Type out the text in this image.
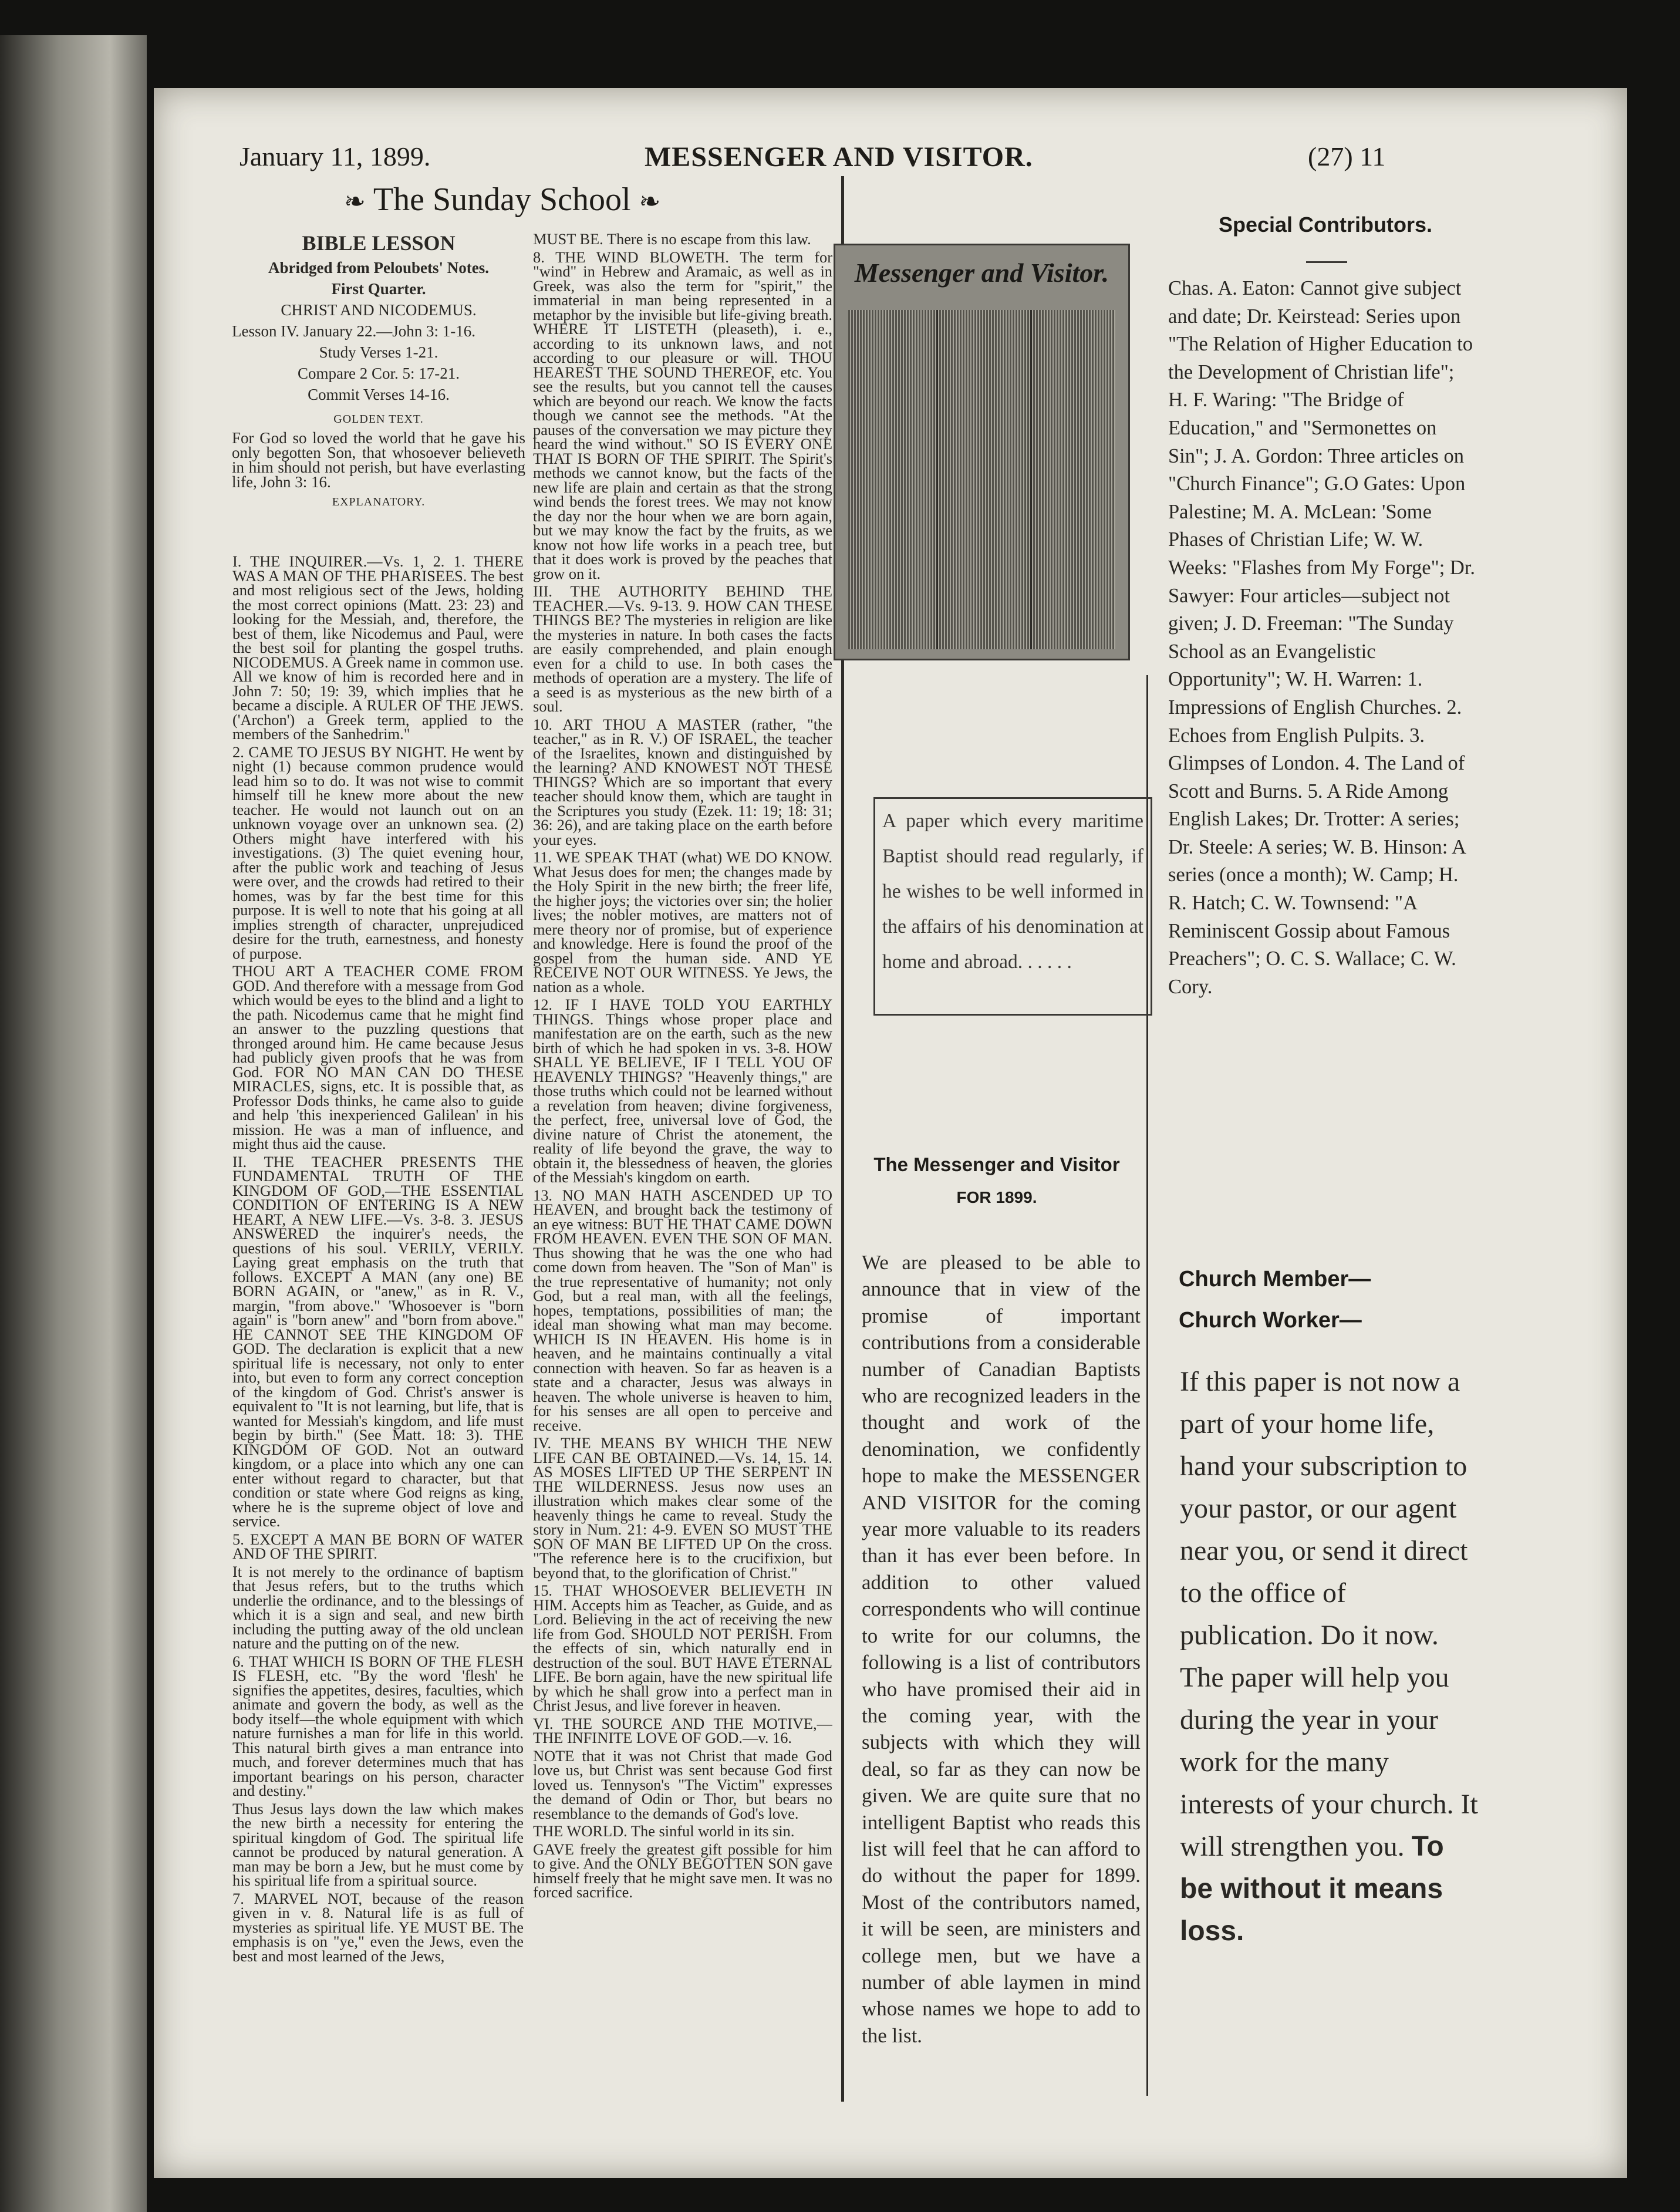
January 11, 1899.	MESSENGER AND VISITOR.	(27) 11
❧ The Sunday School ❧
BIBLE LESSON
Abridged from Peloubets' Notes.
First Quarter.
CHRIST AND NICODEMUS.
Lesson IV. January 22.—John 3: 1-16.
Study Verses 1-21.
Compare 2 Cor. 5: 17-21.
Commit Verses 14-16.
GOLDEN TEXT.
For God so loved the world that he gave his only begotten Son, that whosoever believeth in him should not perish, but have everlasting life, John 3: 16.
EXPLANATORY.

I. THE INQUIRER.—Vs. 1, 2. 1. THERE WAS A MAN OF THE PHARISEES. The best and most religious sect of the Jews, holding the most correct opinions (Matt. 23: 23) and looking for the Messiah, and, therefore, the best of them, like Nicodemus and Paul, were the best soil for planting the gospel truths. NICODEMUS. A Greek name in common use. All we know of him is recorded here and in John 7: 50; 19: 39, which implies that he became a disciple. A RULER OF THE JEWS. ('Archon') a Greek term, applied to the members of the Sanhedrim."

2. CAME TO JESUS BY NIGHT. He went by night (1) because common prudence would lead him so to do. It was not wise to commit himself till he knew more about the new teacher. He would not launch out on an unknown voyage over an unknown sea. (2) Others might have interfered with his investigations. (3) The quiet evening hour, after the public work and teaching of Jesus were over, and the crowds had retired to their homes, was by far the best time for this purpose. It is well to note that his going at all implies strength of character, unprejudiced desire for the truth, earnestness, and honesty of purpose.

THOU ART A TEACHER COME FROM GOD. And therefore with a message from God which would be eyes to the blind and a light to the path. Nicodemus came that he might find an answer to the puzzling questions that thronged around him. He came because Jesus had publicly given proofs that he was from God. FOR NO MAN CAN DO THESE MIRACLES, signs, etc. It is possible that, as Professor Dods thinks, he came also to guide and help 'this inexperienced Galilean' in his mission. He was a man of influence, and might thus aid the cause.

II. THE TEACHER PRESENTS THE FUNDAMENTAL TRUTH OF THE KINGDOM OF GOD,—THE ESSENTIAL CONDITION OF ENTERING IS A NEW HEART, A NEW LIFE.—Vs. 3-8. 3. JESUS ANSWERED the inquirer's needs, the questions of his soul. VERILY, VERILY. Laying great emphasis on the truth that follows. EXCEPT A MAN (any one) BE BORN AGAIN, or "anew," as in R. V., margin, "from above." 'Whosoever is "born again" is "born anew" and "born from above." HE CANNOT SEE THE KINGDOM OF GOD. The declaration is explicit that a new spiritual life is necessary, not only to enter into, but even to form any correct conception of the kingdom of God. Christ's answer is equivalent to "It is not learning, but life, that is wanted for Messiah's kingdom, and life must begin by birth." (See Matt. 18: 3). THE KINGDOM OF GOD. Not an outward kingdom, or a place into which any one can enter without regard to character, but that condition or state where God reigns as king, where he is the supreme object of love and service.

5. EXCEPT A MAN BE BORN OF WATER AND OF THE SPIRIT.

It is not merely to the ordinance of baptism that Jesus refers, but to the truths which underlie the ordinance, and to the blessings of which it is a sign and seal, and new birth including the putting away of the old unclean nature and the putting on of the new.

6. THAT WHICH IS BORN OF THE FLESH IS FLESH, etc. "By the word 'flesh' he signifies the appetites, desires, faculties, which animate and govern the body, as well as the body itself—the whole equipment with which nature furnishes a man for life in this world. This natural birth gives a man entrance into much, and forever determines much that has important bearings on his person, character and destiny."

Thus Jesus lays down the law which makes the new birth a necessity for entering the spiritual kingdom of God. The spiritual life cannot be produced by natural generation. A man may be born a Jew, but he must come by his spiritual life from a spiritual source.

7. MARVEL NOT, because of the reason given in v. 8. Natural life is as full of mysteries as spiritual life. YE MUST BE. The emphasis is on "ye," even the Jews, even the best and most learned of the Jews,

MUST BE. There is no escape from this law.

8. THE WIND BLOWETH. The term for "wind" in Hebrew and Aramaic, as well as in Greek, was also the term for "spirit," the immaterial in man being represented in a metaphor by the invisible but life-giving breath. WHERE IT LISTETH (pleaseth), i. e., according to its unknown laws, and not according to our pleasure or will. THOU HEAREST THE SOUND THEREOF, etc. You see the results, but you cannot tell the causes which are beyond our reach. We know the facts though we cannot see the methods. "At the pauses of the conversation we may picture they heard the wind without." SO IS EVERY ONE THAT IS BORN OF THE SPIRIT. The Spirit's methods we cannot know, but the facts of the new life are plain and certain as that the strong wind bends the forest trees. We may not know the day nor the hour when we are born again, but we may know the fact by the fruits, as we know not how life works in a peach tree, but that it does work is proved by the peaches that grow on it.

III. THE AUTHORITY BEHIND THE TEACHER.—Vs. 9-13. 9. HOW CAN THESE THINGS BE? The mysteries in religion are like the mysteries in nature. In both cases the facts are easily comprehended, and plain enough even for a child to use. In both cases the methods of operation are a mystery. The life of a seed is as mysterious as the new birth of a soul.

10. ART THOU A MASTER (rather, "the teacher," as in R. V.) OF ISRAEL, the teacher of the Israelites, known and distinguished by the learning? AND KNOWEST NOT THESE THINGS? Which are so important that every teacher should know them, which are taught in the Scriptures you study (Ezek. 11: 19; 18: 31; 36: 26), and are taking place on the earth before your eyes.

11. WE SPEAK THAT (what) WE DO KNOW. What Jesus does for men; the changes made by the Holy Spirit in the new birth; the freer life, the higher joys; the victories over sin; the holier lives; the nobler motives, are matters not of mere theory nor of promise, but of experience and knowledge. Here is found the proof of the gospel from the human side. AND YE RECEIVE NOT OUR WITNESS. Ye Jews, the nation as a whole.

12. IF I HAVE TOLD YOU EARTHLY THINGS. Things whose proper place and manifestation are on the earth, such as the new birth of which he had spoken in vs. 3-8. HOW SHALL YE BELIEVE, IF I TELL YOU OF HEAVENLY THINGS? "Heavenly things," are those truths which could not be learned without a revelation from heaven; divine forgiveness, the perfect, free, universal love of God, the divine nature of Christ the atonement, the reality of life beyond the grave, the way to obtain it, the blessedness of heaven, the glories of the Messiah's kingdom on earth.

13. NO MAN HATH ASCENDED UP TO HEAVEN, and brought back the testimony of an eye witness: BUT HE THAT CAME DOWN FROM HEAVEN. EVEN THE SON OF MAN. Thus showing that he was the one who had come down from heaven. The "Son of Man" is the true representative of humanity; not only God, but a real man, with all the feelings, hopes, temptations, possibilities of man; the ideal man showing what man may become. WHICH IS IN HEAVEN. His home is in heaven, and he maintains continually a vital connection with heaven. So far as heaven is a state and a character, Jesus was always in heaven. The whole universe is heaven to him, for his senses are all open to perceive and receive.

IV. THE MEANS BY WHICH THE NEW LIFE CAN BE OBTAINED.—Vs. 14, 15. 14. AS MOSES LIFTED UP THE SERPENT IN THE WILDERNESS. Jesus now uses an illustration which makes clear some of the heavenly things he came to reveal. Study the story in Num. 21: 4-9. EVEN SO MUST THE SON OF MAN BE LIFTED UP On the cross. "The reference here is to the crucifixion, but beyond that, to the glorification of Christ."

15. THAT WHOSOEVER BELIEVETH IN HIM. Accepts him as Teacher, as Guide, and as Lord. Believing in the act of receiving the new life from God. SHOULD NOT PERISH. From the effects of sin, which naturally end in destruction of the soul. BUT HAVE ETERNAL LIFE. Be born again, have the new spiritual life by which he shall grow into a perfect man in Christ Jesus, and live forever in heaven.

VI. THE SOURCE AND THE MOTIVE,—THE INFINITE LOVE OF GOD.—v. 16.

NOTE that it was not Christ that made God love us, but Christ was sent because God first loved us. Tennyson's "The Victim" expresses the demand of Odin or Thor, but bears no resemblance to the demands of God's love.

THE WORLD. The sinful world in its sin.

GAVE freely the greatest gift possible for him to give. And the ONLY BEGOTTEN SON gave himself freely that he might save men. It was no forced sacrifice.

Messenger and Visitor.
A paper which every maritime Baptist should read regularly, if he wishes to be well informed in the affairs of his denomination at home and abroad. . . . . .
The Messenger and Visitor
FOR 1899.
We are pleased to be able to announce that in view of the promise of important contributions from a considerable number of Canadian Baptists who are recognized leaders in the thought and work of the denomination, we confidently hope to make the MESSENGER AND VISITOR for the coming year more valuable to its readers than it has ever been before. In addition to other valued correspondents who will continue to write for our columns, the following is a list of contributors who have promised their aid in the coming year, with the subjects with which they will deal, so far as they can now be given. We are quite sure that no intelligent Baptist who reads this list will feel that he can afford to do without the paper for 1899. Most of the contributors named, it will be seen, are ministers and college men, but we have a number of able laymen in mind whose names we hope to add to the list.
Special Contributors.
Chas. A. Eaton: Cannot give subject and date; Dr. Keirstead: Series upon "The Relation of Higher Education to the Development of Christian life"; H. F. Waring: "The Bridge of Education," and "Sermonettes on Sin"; J. A. Gordon: Three articles on "Church Finance"; G.O Gates: Upon Palestine; M. A. McLean: 'Some Phases of Christian Life; W. W. Weeks: "Flashes from My Forge"; Dr. Sawyer: Four articles—subject not given; J. D. Freeman: "The Sunday School as an Evangelistic Opportunity"; W. H. Warren: 1. Impressions of English Churches. 2. Echoes from English Pulpits. 3. Glimpses of London. 4. The Land of Scott and Burns. 5. A Ride Among English Lakes; Dr. Trotter: A series; Dr. Steele: A series; W. B. Hinson: A series (once a month); W. Camp; H. R. Hatch; C. W. Townsend: "A Reminiscent Gossip about Famous Preachers"; O. C. S. Wallace; C. W. Cory.
Church Member—
Church Worker—
If this paper is not now a part of your home life, hand your subscription to your pastor, or our agent near you, or send it direct to the office of publication. Do it now. The paper will help you during the year in your work for the many interests of your church. It will strengthen you. To be without it means loss.
